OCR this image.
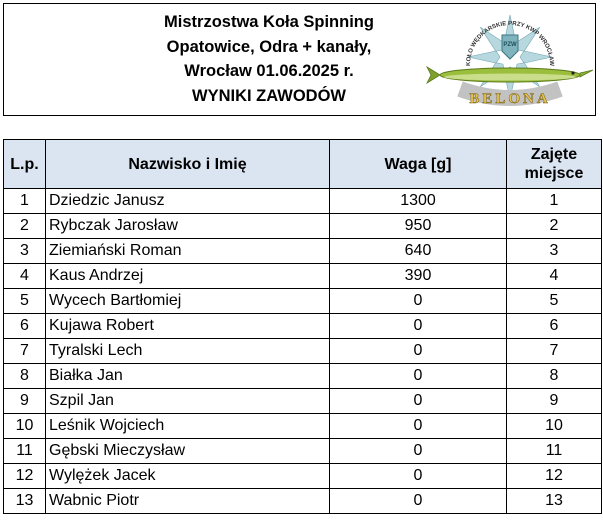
Mistrzostwa Koła Spinning
Opatowice, Odra + kanały,
Wrocław 01.06.2025 r.
WYNIKI ZAWODÓW
PZW
KOŁO WĘDKARSKIE PRZY KWP WROCŁAW
BELONA
L.p.	Nazwisko i Imię	Waga [g]	Zajęte miejsce
1	Dziedzic Janusz	1300	1
2	Rybczak Jarosław	950	2
3	Ziemiański Roman	640	3
4	Kaus Andrzej	390	4
5	Wycech Bartłomiej	0	5
6	Kujawa Robert	0	6
7	Tyralski Lech	0	7
8	Białka Jan	0	8
9	Szpil Jan	0	9
10	Leśnik Wojciech	0	10
11	Gębski Mieczysław	0	11
12	Wylężek Jacek	0	12
13	Wabnic Piotr	0	13
